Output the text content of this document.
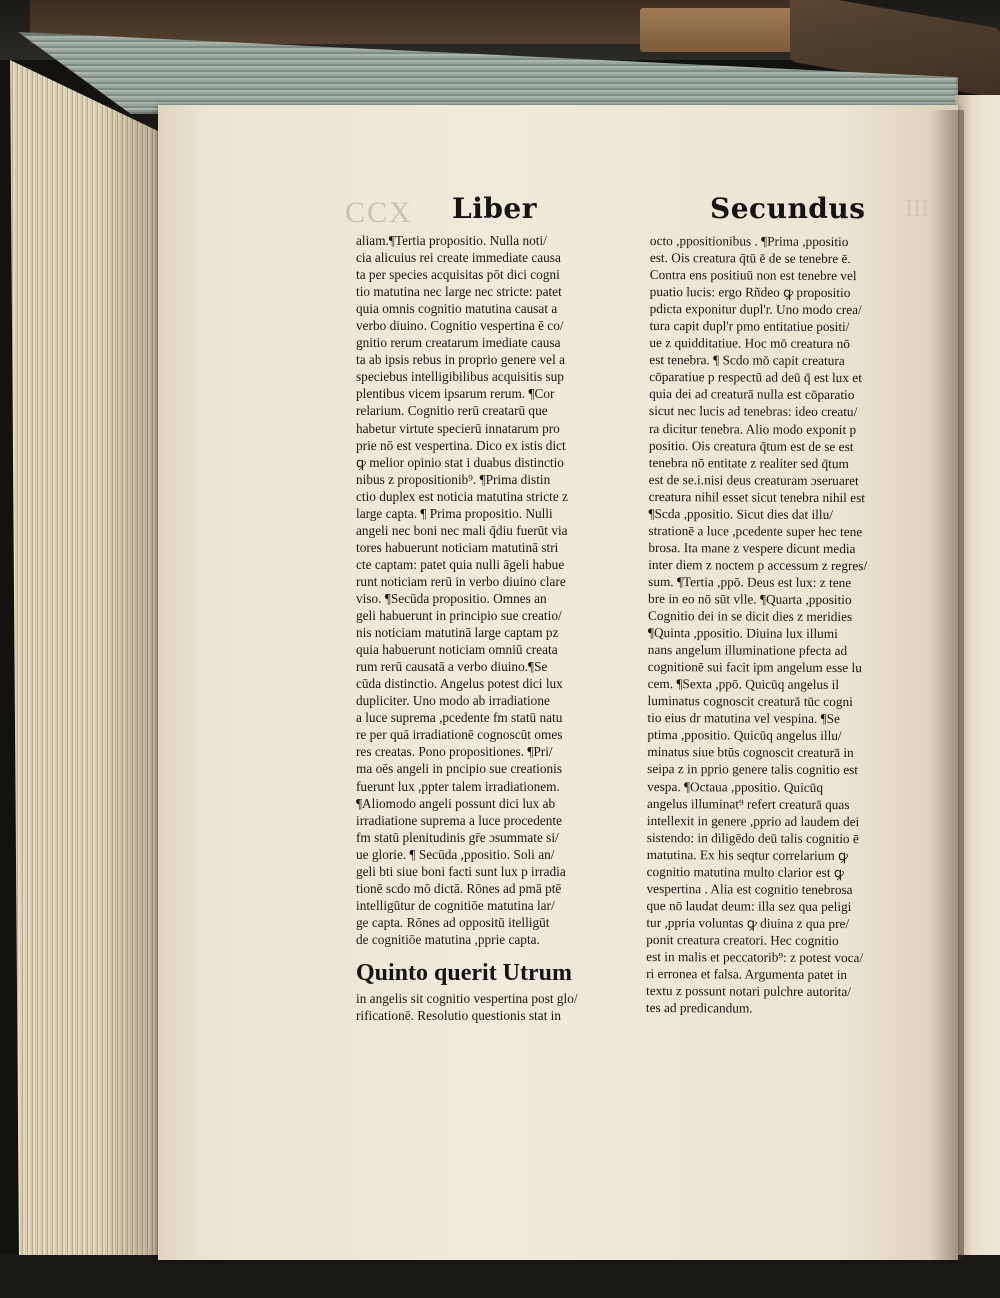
CCX	III
Liber	Secundus
aliam.¶Tertia propositio. Nulla noti/
cia alicuius rei create immediate causa
ta per species acquisitas pōt dici cogni
tio matutina nec large nec stricte: patet
quia omnis cognitio matutina causat a
verbo diuino. Cognitio vespertina ē co/
gnitio rerum creatarum imediate causa
ta ab ipsis rebus in proprio genere vel a
speciebus intelligibilibus acquisitis sup
plentibus vicem ipsarum rerum. ¶Cor
relarium. Cognitio rerū creatarū que
habetur virtute specierū innatarum pro
prie nō est vespertina. Dico ex istis dict
ꝙ melior opinio stat i duabus distinctio
nibus z propositionib⁹. ¶Prima distin
ctio duplex est noticia matutina stricte z
large capta. ¶ Prima propositio. Nulli
angeli nec boni nec mali q̄diu fuerūt via
tores habuerunt noticiam matutinā stri
cte captam: patet quia nulli āgeli habue
runt noticiam rerū in verbo diuino clare
viso. ¶Secūda propositio. Omnes an
geli habuerunt in principio sue creatio/
nis noticiam matutinā large captam pz
quia habuerunt noticiam omniū creata
rum rerū causatā a verbo diuino.¶Se
cūda distinctio. Angelus potest dici lux
dupliciter. Uno modo ab irradiatione
a luce suprema ,pcedente fm statū natu
re per quā irradiationē cognoscūt omes
res creatas. Pono propositiones. ¶Pri/
ma oēs angeli in pncipio sue creationis
fuerunt lux ,ppter talem irradiationem.
¶Aliomodo angeli possunt dici lux ab
irradiatione suprema a luce procedente
fm statū plenitudinis gr̄e ɔsummate si/
ue glorie. ¶ Secūda ,ppositio. Soli an/
geli bti siue boni facti sunt lux p irradia
tionē scdo mō dictā. Rōnes ad pmā ptē
intelligūtur de cognitiōe matutina lar/
ge capta. Rōnes ad oppositū itelligūt
de cognitiōe matutina ,pprie capta.
Quinto querit Utrum
in angelis sit cognitio vespertina post glo/
rificationē. Resolutio questionis stat in
octo ,ppositionibus . ¶Prima ,ppositio
est. Ois creatura q̄tū ē de se tenebre ē.
Contra ens positiuū non est tenebre vel
puatio lucis: ergo Rñdeo ꝙ propositio
pdicta exponitur dupl'r. Uno modo crea/
tura capit dupl'r pmo entitatiue positi/
ue z quidditatiue. Hoc mō creatura nō
est tenebra. ¶ Scdo mō capit creatura
cōparatiue p respectū ad deū q̄ est lux et
quia dei ad creaturā nulla est cōparatio
sicut nec lucis ad tenebras: ideo creatu/
ra dicitur tenebra. Alio modo exponit p
positio. Ois creatura q̄tum est de se est
tenebra nō entitate z realiter sed q̄tum
est de se.i.nisi deus creaturam ɔseruaret
creatura nihil esset sicut tenebra nihil est
¶Scda ,ppositio. Sicut dies dat illu/
strationē a luce ,pcedente super hec tene
brosa. Ita mane z vespere dicunt media
inter diem z noctem p accessum z regres/
sum. ¶Tertia ,ppō. Deus est lux: z tene
bre in eo nō sūt vlle. ¶Quarta ,ppositio
Cognitio dei in se dicit dies z meridies
¶Quinta ,ppositio. Diuina lux illumi
nans angelum illuminatione pfecta ad
cognitionē sui facit ipm angelum esse lu
cem. ¶Sexta ,ppō. Quicūq angelus il
luminatus cognoscit creaturā tūc cogni
tio eius dr matutina vel vespina. ¶Se
ptima ,ppositio. Quicūq angelus illu/
minatus siue btūs cognoscit creaturā in
seipa z in pprio genere talis cognitio est
vespa. ¶Octaua ,ppositio. Quicūq
angelus illuminat⁹ refert creaturā quas
intellexit in genere ,pprio ad laudem dei
sistendo: in diligēdo deū talis cognitio ē
matutina. Ex his seqtur correlarium ꝙ
cognitio matutina multo clarior est ꝙ
vespertina . Alia est cognitio tenebrosa
que nō laudat deum: illa sez qua peligi
tur ,ppria voluntas ꝙ diuina z qua pre/
ponit creatura creatori. Hec cognitio
est in malis et peccatorib⁹: z potest voca/
ri erronea et falsa. Argumenta patet in
textu z possunt notari pulchre autorita/
tes ad predicandum.
